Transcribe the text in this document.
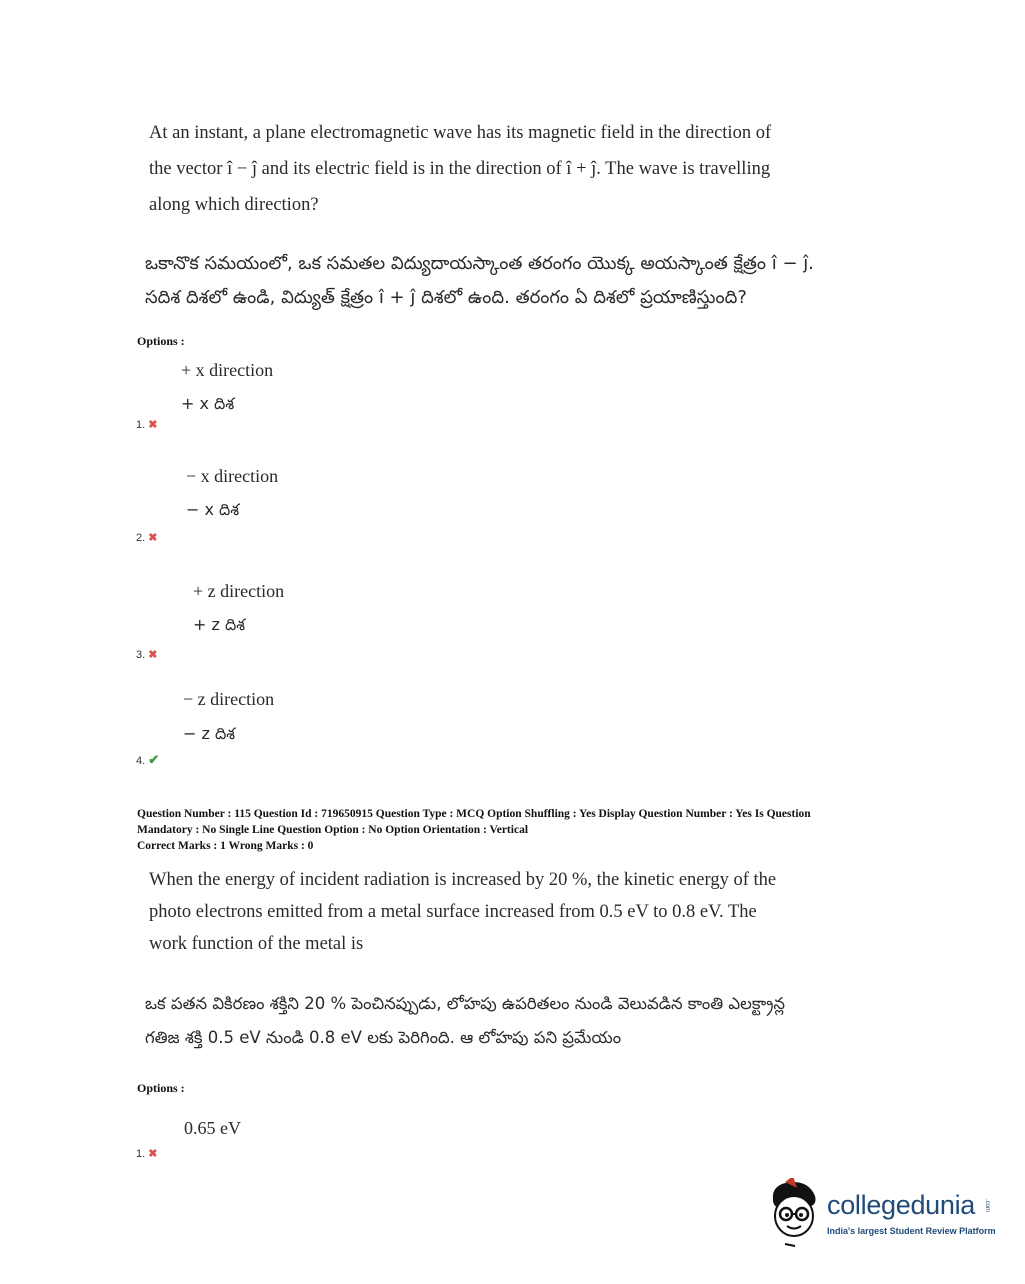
At an instant, a plane electromagnetic wave has its magnetic field in the direction of

the vector î − ĵ and its electric field is in the direction of î + ĵ. The wave is travelling

along which direction?

ఒకానొక సమయంలో, ఒక సమతల విద్యుదాయస్కాంత తరంగం యొక్క అయస్కాంత క్షేత్రం î − ĵ.

సదిశ దిశలో ఉండి, విద్యుత్ క్షేత్రం î + ĵ దిశలో ఉంది. తరంగం ఏ దిశలో ప్రయాణిస్తుంది?

Options :
+ x direction
+ x దిశ
1. ✖
− x direction
− x దిశ
2. ✖
+ z direction
+ z దిశ
3. ✖
− z direction
− z దిశ
4. ✔

Question Number : 115 Question Id : 719650915 Question Type : MCQ Option Shuffling : Yes Display Question Number : Yes Is Question

Mandatory : No Single Line Question Option : No Option Orientation : Vertical

Correct Marks : 1 Wrong Marks : 0

When the energy of incident radiation is increased by 20 %, the kinetic energy of the

photo electrons emitted from a metal surface increased from 0.5 eV to 0.8 eV. The

work function of the metal is

ఒక పతన వికిరణం శక్తిని 20 % పెంచినప్పుడు, లోహపు ఉపరితలం నుండి వెలువడిన కాంతి ఎలక్ట్రాన్ల

గతిజ శక్తి 0.5 eV నుండి 0.8 eV లకు పెరిగింది. ఆ లోహపు పని ప్రమేయం

Options :
0.65 eV
1. ✖
collegedunia .com
India's largest Student Review Platform
